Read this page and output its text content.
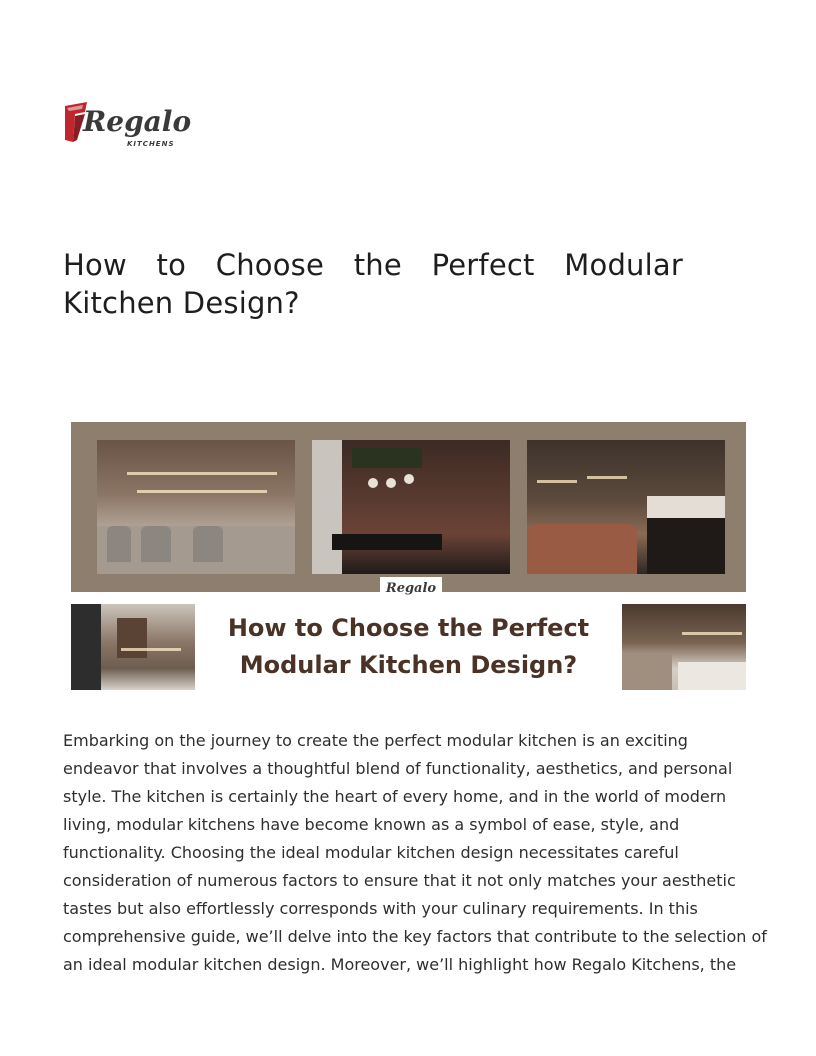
Regalo
KITCHENS
How to Choose the Perfect Modular
Kitchen Design?
Regalo
How to Choose the Perfect
Modular Kitchen Design?

Embarking on the journey to create the perfect modular kitchen is an exciting
endeavor that involves a thoughtful blend of functionality, aesthetics, and personal
style. The kitchen is certainly the heart of every home, and in the world of modern
living, modular kitchens have become known as a symbol of ease, style, and
functionality. Choosing the ideal modular kitchen design necessitates careful
consideration of numerous factors to ensure that it not only matches your aesthetic
tastes but also effortlessly corresponds with your culinary requirements. In this
comprehensive guide, we’ll delve into the key factors that contribute to the selection of
an ideal modular kitchen design. Moreover, we’ll highlight how Regalo Kitchens, the
